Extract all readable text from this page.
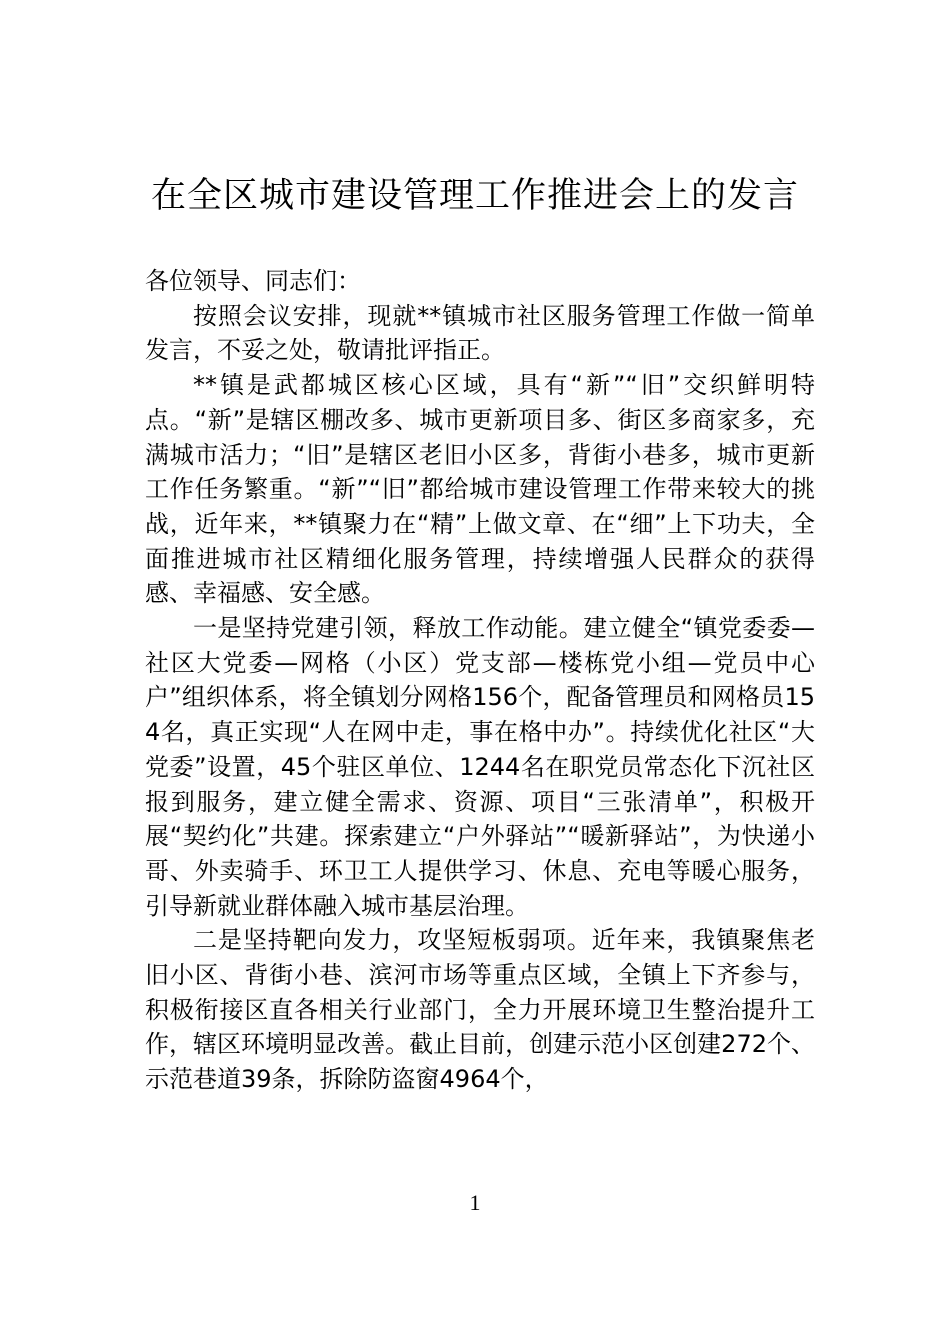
在全区城市建设管理工作推进会上的发言

各位领导、同志们：

按照会议安排，现就**镇城市社区服务管理工作做一简单发言，不妥之处，敬请批评指正。

**镇是武都城区核心区域，具有“新”“旧”交织鲜明特点。“新”是辖区棚改多、城市更新项目多、街区多商家多，充满城市活力；“旧”是辖区老旧小区多，背街小巷多，城市更新工作任务繁重。“新”“旧”都给城市建设管理工作带来较大的挑战，近年来，**镇聚力在“精”上做文章、在“细”上下功夫，全面推进城市社区精细化服务管理，持续增强人民群众的获得感、幸福感、安全感。

一是坚持党建引领，释放工作动能。建立健全“镇党委委—社区大党委—网格（小区）党支部—楼栋党小组—党员中心户”组织体系，将全镇划分网格156个，配备管理员和网格员154名，真正实现“人在网中走，事在格中办”。持续优化社区“大党委”设置，45个驻区单位、1244名在职党员常态化下沉社区报到服务，建立健全需求、资源、项目“三张清单”，积极开展“契约化”共建。探索建立“户外驿站”“暖新驿站”，为快递小哥、外卖骑手、环卫工人提供学习、休息、充电等暖心服务，引导新就业群体融入城市基层治理。

二是坚持靶向发力，攻坚短板弱项。近年来，我镇聚焦老旧小区、背街小巷、滨河市场等重点区域，全镇上下齐参与，积极衔接区直各相关行业部门，全力开展环境卫生整治提升工作，辖区环境明显改善。截止目前，创建示范小区创建272个、示范巷道39条，拆除防盗窗4964个，

1
